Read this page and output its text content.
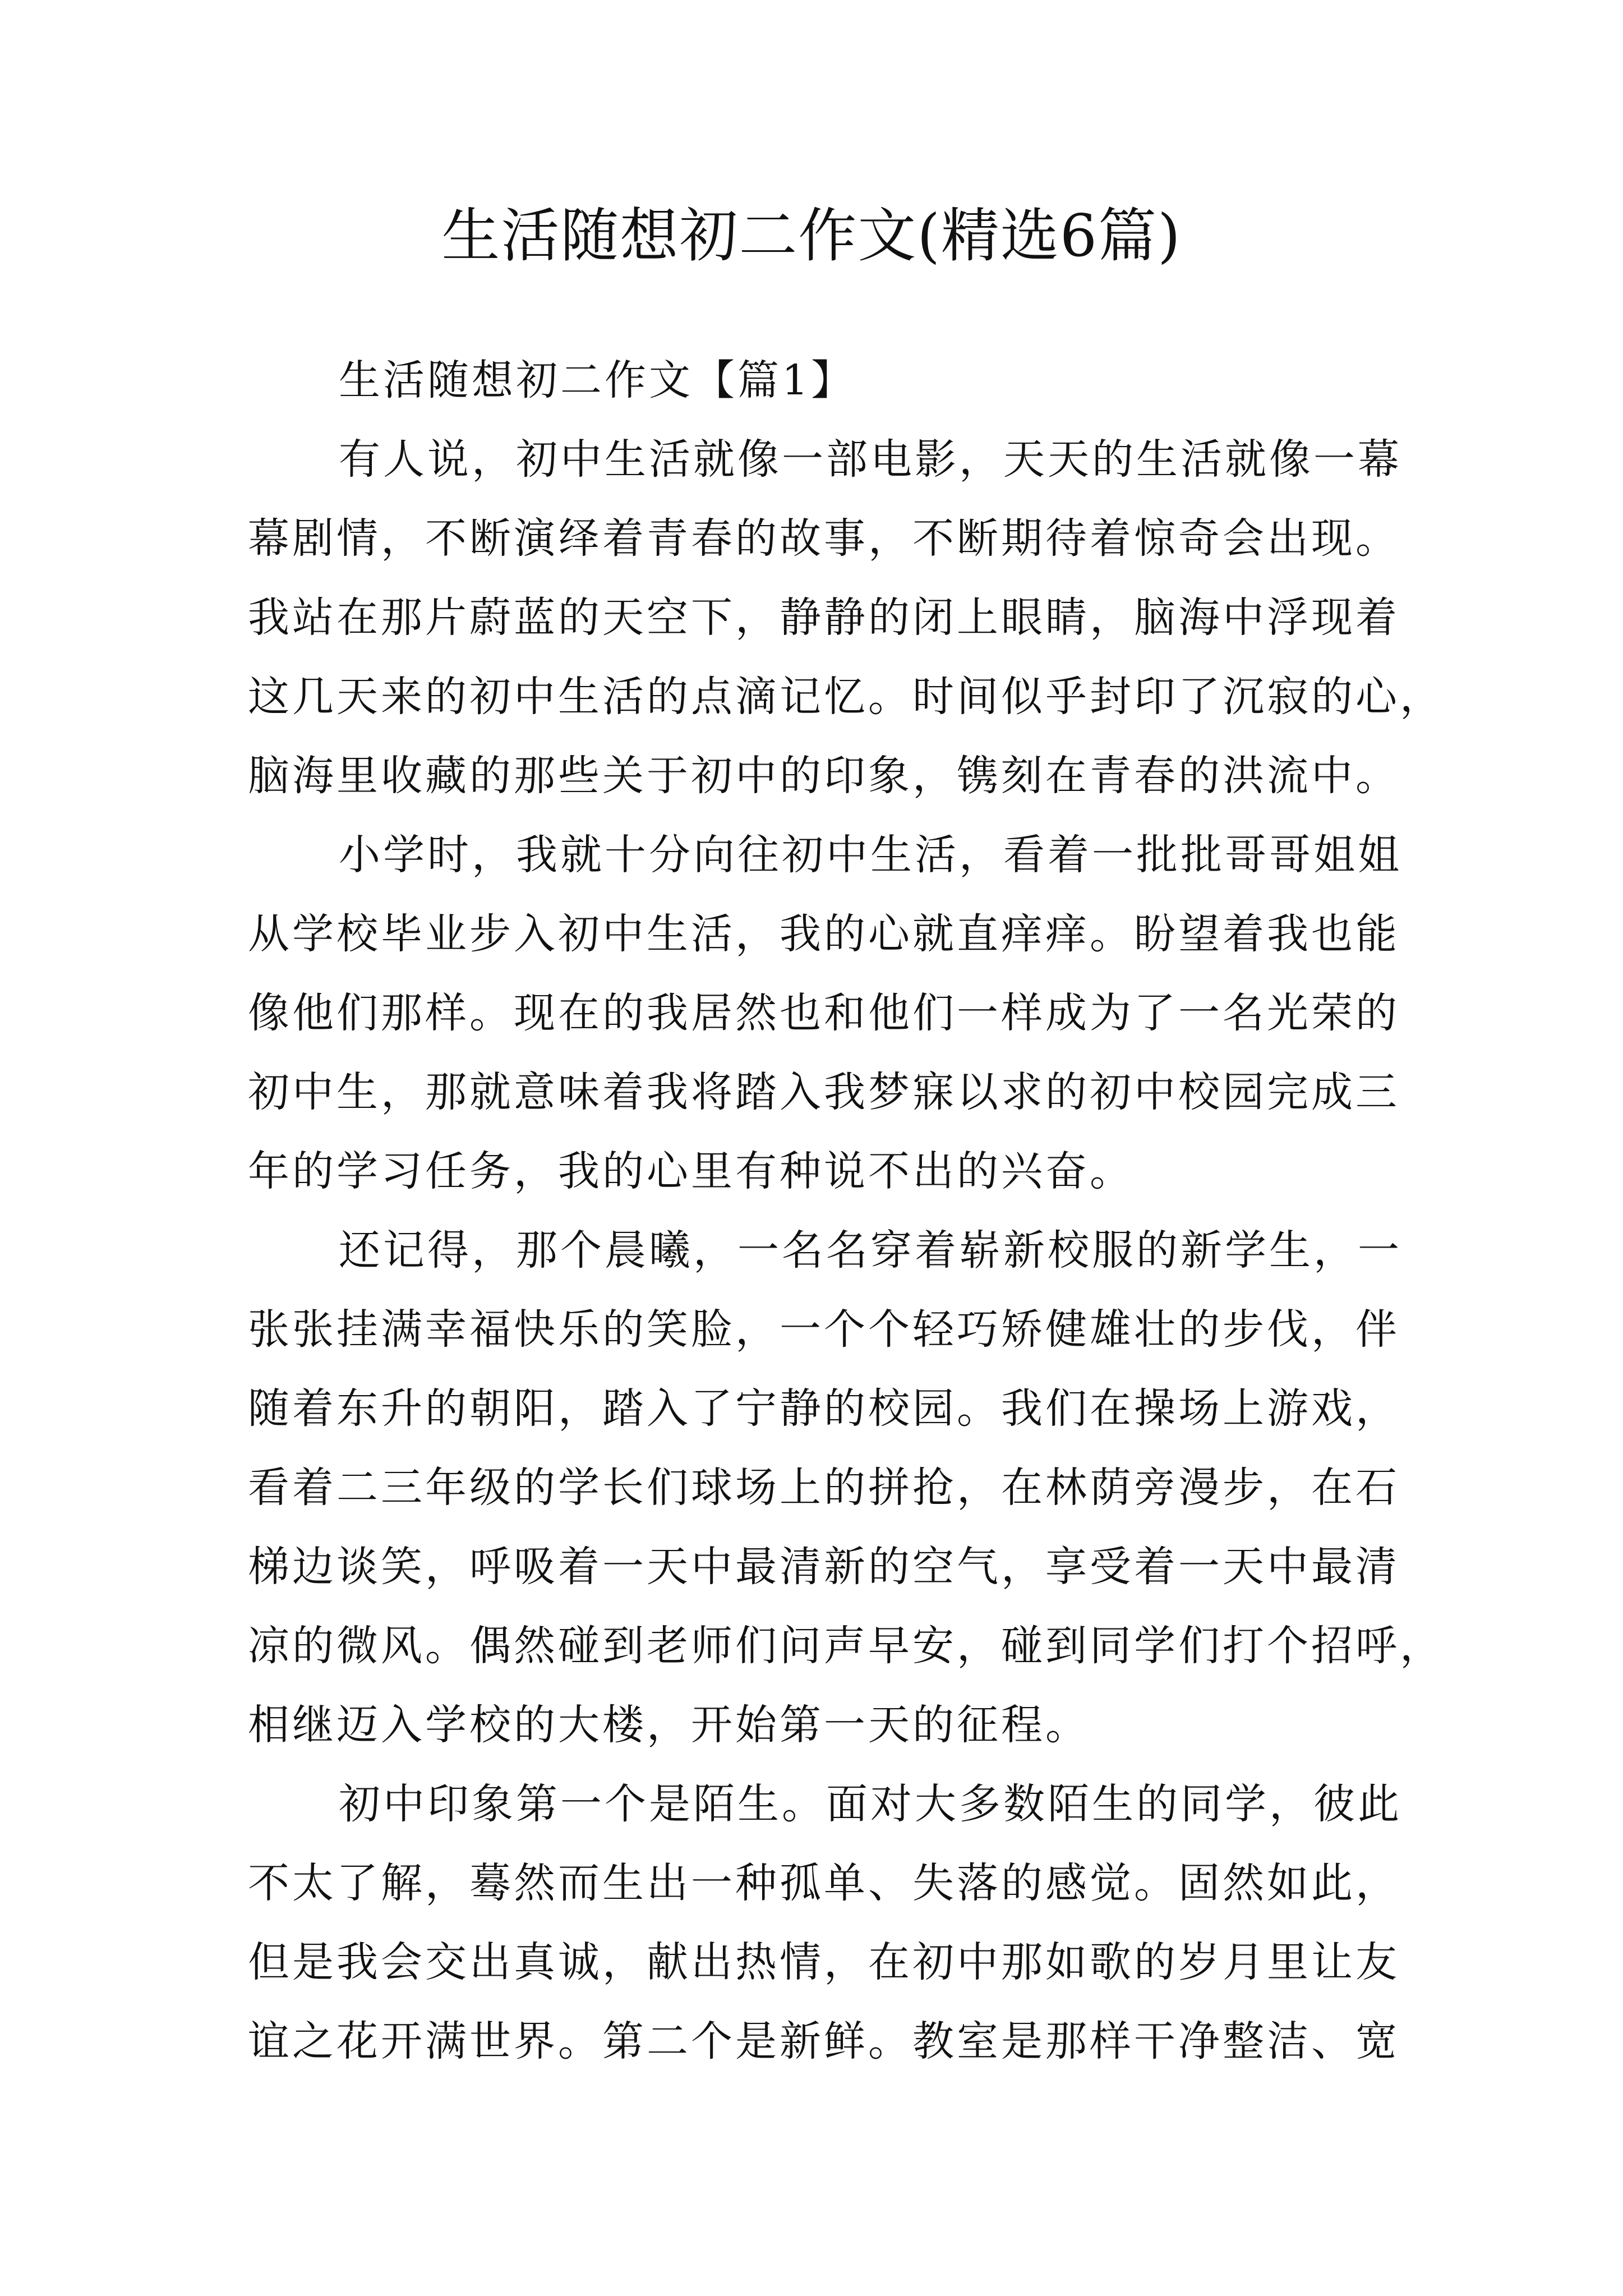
生活随想初二作文(精选6篇)
生活随想初二作文【篇1】
有人说，初中生活就像一部电影，天天的生活就像一幕
幕剧情，不断演绎着青春的故事，不断期待着惊奇会出现。
我站在那片蔚蓝的天空下，静静的闭上眼睛，脑海中浮现着
这几天来的初中生活的点滴记忆。时间似乎封印了沉寂的心，
脑海里收藏的那些关于初中的印象，镌刻在青春的洪流中。
小学时，我就十分向往初中生活，看着一批批哥哥姐姐
从学校毕业步入初中生活，我的心就直痒痒。盼望着我也能
像他们那样。现在的我居然也和他们一样成为了一名光荣的
初中生，那就意味着我将踏入我梦寐以求的初中校园完成三
年的学习任务，我的心里有种说不出的兴奋。
还记得，那个晨曦，一名名穿着崭新校服的新学生，一
张张挂满幸福快乐的笑脸，一个个轻巧矫健雄壮的步伐，伴
随着东升的朝阳，踏入了宁静的校园。我们在操场上游戏，
看着二三年级的学长们球场上的拼抢，在林荫旁漫步，在石
梯边谈笑，呼吸着一天中最清新的空气，享受着一天中最清
凉的微风。偶然碰到老师们问声早安，碰到同学们打个招呼，
相继迈入学校的大楼，开始第一天的征程。
初中印象第一个是陌生。面对大多数陌生的同学，彼此
不太了解，蓦然而生出一种孤单、失落的感觉。固然如此，
但是我会交出真诚，献出热情，在初中那如歌的岁月里让友
谊之花开满世界。第二个是新鲜。教室是那样干净整洁、宽
